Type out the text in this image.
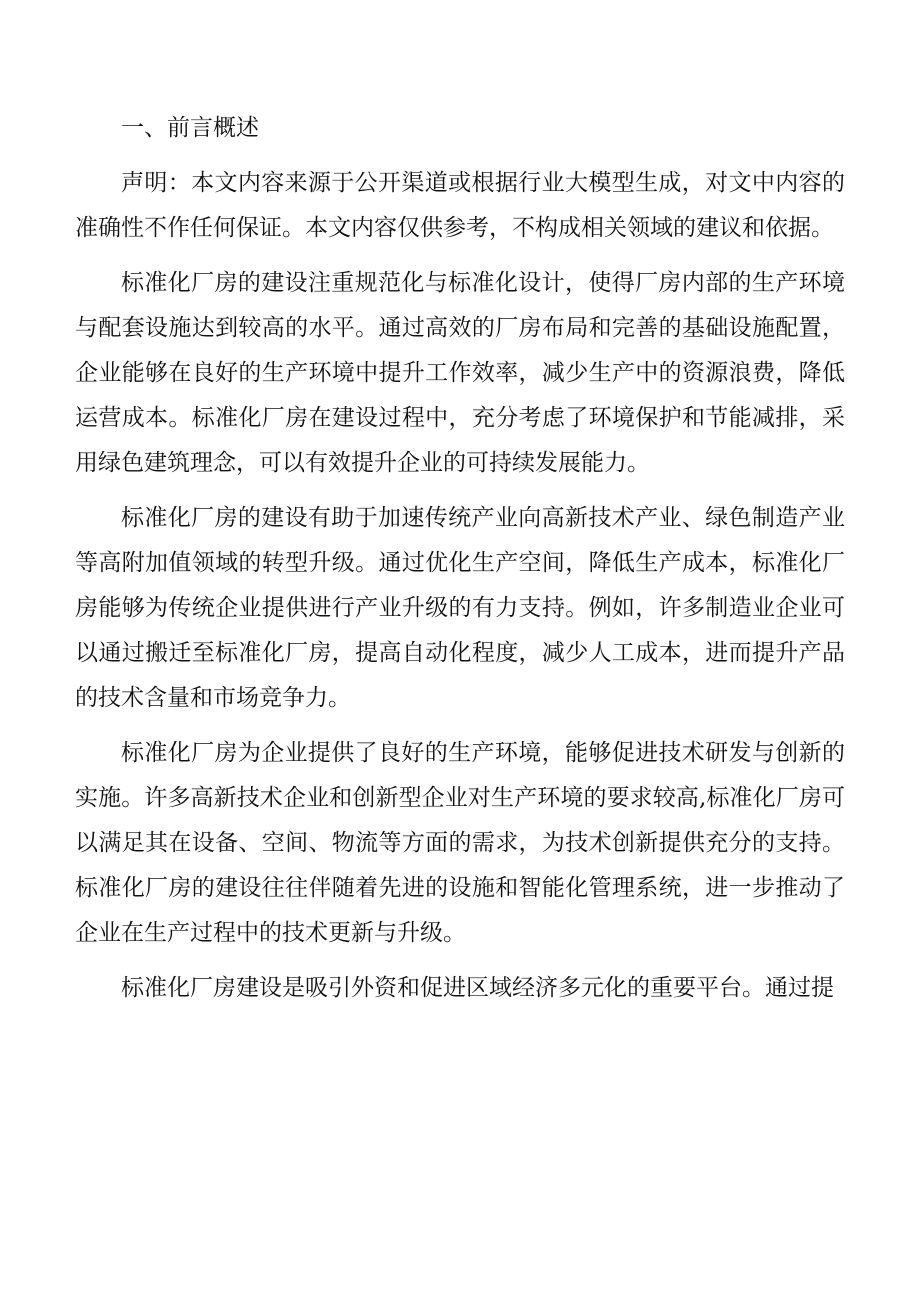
一、前言概述

声明：本文内容来源于公开渠道或根据行业大模型生成，对文中内容的准确性不作任何保证。本文内容仅供参考，不构成相关领域的建议和依据。

标准化厂房的建设注重规范化与标准化设计，使得厂房内部的生产环境与配套设施达到较高的水平。通过高效的厂房布局和完善的基础设施配置，企业能够在良好的生产环境中提升工作效率，减少生产中的资源浪费，降低运营成本。标准化厂房在建设过程中，充分考虑了环境保护和节能减排，采用绿色建筑理念，可以有效提升企业的可持续发展能力。

标准化厂房的建设有助于加速传统产业向高新技术产业、绿色制造产业等高附加值领域的转型升级。通过优化生产空间，降低生产成本，标准化厂房能够为传统企业提供进行产业升级的有力支持。例如，许多制造业企业可以通过搬迁至标准化厂房，提高自动化程度，减少人工成本，进而提升产品的技术含量和市场竞争力。

标准化厂房为企业提供了良好的生产环境，能够促进技术研发与创新的实施。许多高新技术企业和创新型企业对生产环境的要求较高,标准化厂房可以满足其在设备、空间、物流等方面的需求，为技术创新提供充分的支持。标准化厂房的建设往往伴随着先进的设施和智能化管理系统，进一步推动了企业在生产过程中的技术更新与升级。

标准化厂房建设是吸引外资和促进区域经济多元化的重要平台。通过提
